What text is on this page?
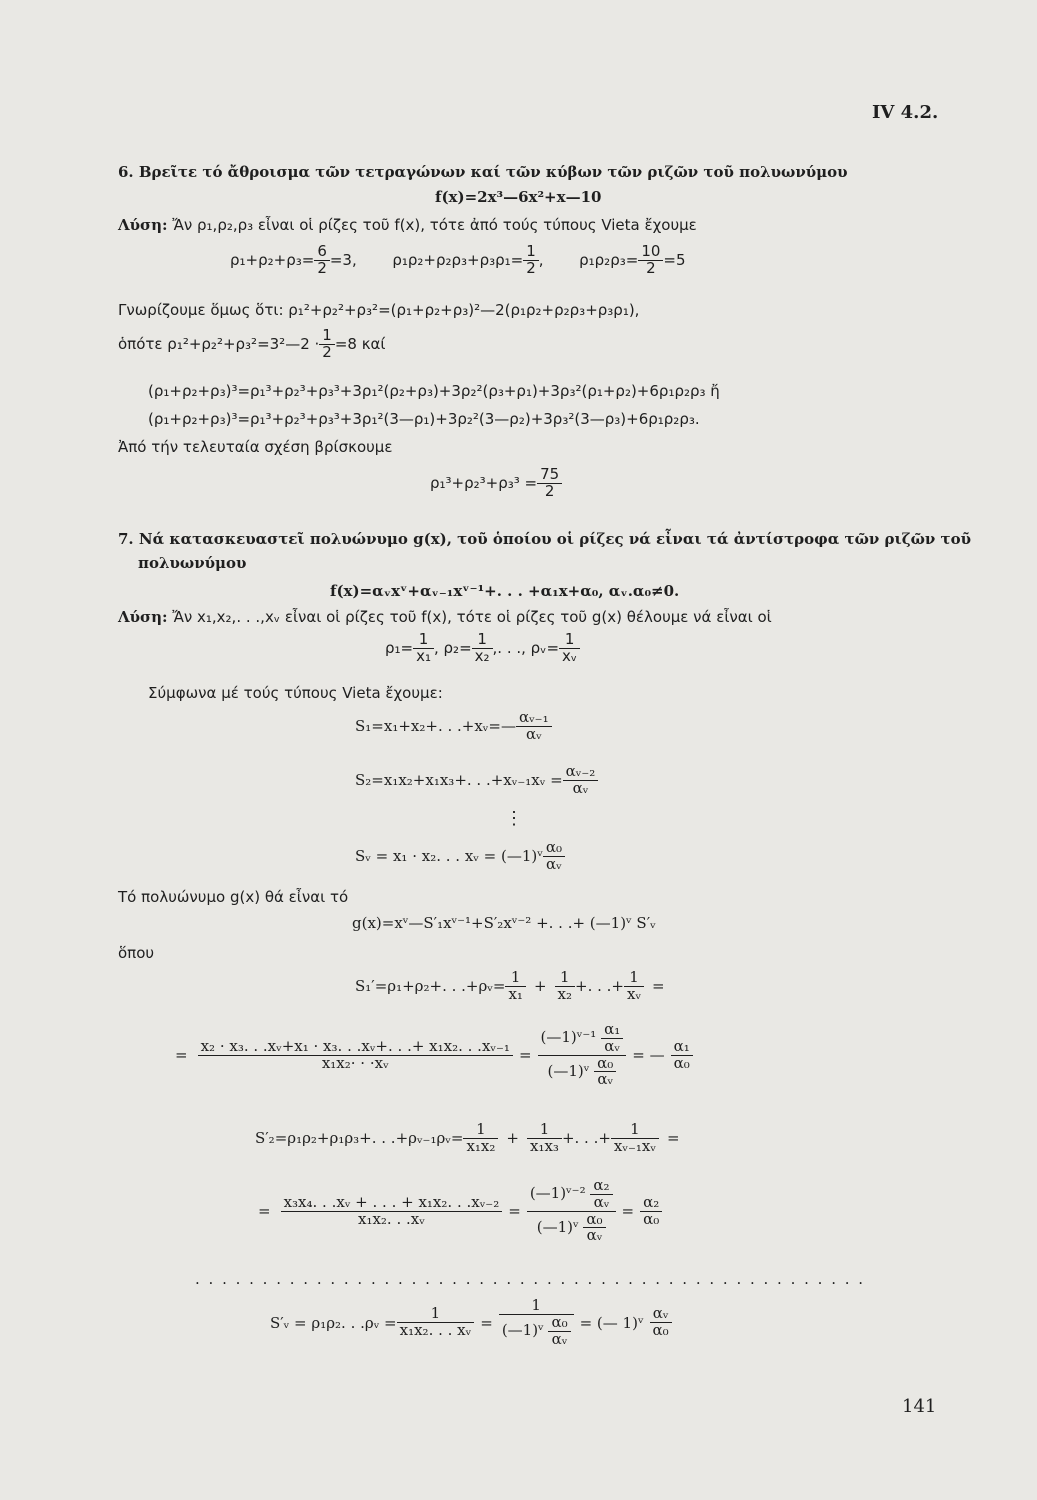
IV 4.2.
6. Βρεῖτε τό ἄθροισμα τῶν τετραγώνων καί τῶν κύβων τῶν ριζῶν τοῦ πολυωνύμου
f(x)=2x³—6x²+x—10
Λύση: Ἄν ρ₁,ρ₂,ρ₃ εἶναι οἱ ρίζες τοῦ f(x), τότε ἀπό τούς τύπους Vieta ἔχουμε
$\rho_1+\rho_2+\rho_3= \frac{6}{2} =3$, $\rho_1\rho_2+\rho_2\rho_3+\rho_3\rho_1= \frac{1}{2}$ , $\rho_1\rho_2\rho_3= \frac{10}{2} =5$
Γνωρίζουμε ὅμως ὅτι: ρ₁²+ρ₂²+ρ₃²=(ρ₁+ρ₂+ρ₃)²—2(ρ₁ρ₂+ρ₂ρ₃+ρ₃ρ₁),
ὁπότε ρ₁²+ρ₂²+ρ₃²=3²—2 · $\frac{1}{2} =8$ καί
(ρ₁+ρ₂+ρ₃)³=ρ₁³+ρ₂³+ρ₃³+3ρ₁²(ρ₂+ρ₃)+3ρ₂²(ρ₃+ρ₁)+3ρ₃²(ρ₁+ρ₂)+6ρ₁ρ₂ρ₃ ἤ
(ρ₁+ρ₂+ρ₃)³=ρ₁³+ρ₂³+ρ₃³+3ρ₁²(3—ρ₁)+3ρ₂²(3—ρ₂)+3ρ₃²(3—ρ₃)+6ρ₁ρ₂ρ₃.
Ἀπό τήν τελευταία σχέση βρίσκουμε
$\rho_1^3+\rho_2^3+\rho_3^3 = \frac{75}{2}$
7. Νά κατασκευαστεῖ πολυώνυμο g(x), τοῦ ὁποίου οἱ ρίζες νά εἶναι τά ἀντίστροφα τῶν ριζῶν τοῦ
πολυωνύμου
f(x)=αᵥxᵛ+αᵥ₋₁xᵛ⁻¹+. . . +α₁x+α₀, αᵥ.α₀≠0.
Λύση: Ἄν x₁,x₂,. . .,xᵥ εἶναι οἱ ρίζες τοῦ f(x), τότε οἱ ρίζες τοῦ g(x) θέλουμε νά εἶναι οἱ
$\rho_1= \frac{1}{\text{x₁}}$ , $\rho_2= \frac{1}{\text{x₂}}$ ,. . ., ρᵥ= $\frac{1}{\text{xᵥ}}$
Σύμφωνα μέ τούς τύπους Vieta ἔχουμε:
S₁=x₁+x₂+. . .+xᵥ=— $\frac{\text{αᵥ₋₁}}{\text{αᵥ}}$
S₂=x₁x₂+x₁x₃+. . .+xᵥ₋₁xᵥ = $\frac{\text{αᵥ₋₂}}{\text{αᵥ}}$
⋮
Sᵥ = x₁ · x₂. . . xᵥ = (—1)ᵛ $\frac{\text{α₀}}{\text{αᵥ}}$
Τό πολυώνυμο g(x) θά εἶναι τό
g(x)=xᵛ—S′₁xᵛ⁻¹+S′₂xᵛ⁻² +. . .+ (—1)ᵛ S′ᵥ
ὅπου
S₁′=ρ₁+ρ₂+. . .+ρᵥ= $\frac{1}{\text{x₁}} + \frac{1}{\text{x₂}}$ +. . .+ $\frac{1}{\text{xᵥ}}$ =
= $\frac{\text{x₂ · x₃. . .xᵥ+x₁ · x₃. . .xᵥ+. . .+ x₁x₂. . .xᵥ₋₁}}{\text{x₁x₂· · ·xᵥ}} = \frac{(—1)ᵛ^{-1} \frac{\text{α₁}}{\text{αᵥ}}}{(—1)ᵛ \frac{\text{α₀}}{\text{αᵥ}}}$ = — $\frac{\text{α₁}}{\text{α₀}}$
S′₂=ρ₁ρ₂+ρ₁ρ₃+. . .+ρᵥ₋₁ρᵥ= $\frac{1}{\text{x₁x₂}} + \frac{1}{\text{x₁x₃}}$ +. . .+ $\frac{1}{\text{xᵥ₋₁xᵥ}}$ =
= $\frac{\text{x₃x₄. . .xᵥ + . . . + x₁x₂. . .xᵥ₋₂}}{\text{x₁x₂. . .xᵥ}} = \frac{(—1)ᵛ^{-2} \frac{\text{α₂}}{\text{αᵥ}}}{(—1)ᵛ \frac{\text{α₀}}{\text{αᵥ}}} = \frac{\text{α₂}}{\text{α₀}}$
. . . . . . . . . . . . . . . . . . . . . . . . . . . . . . . . . . . . . . . . . . . . . . . . . .
S′ᵥ = ρ₁ρ₂. . .ρᵥ = $\frac{1}{\text{x₁x₂. . . xᵥ}} = \frac{1}{(—1)ᵛ \frac{\text{α₀}}{\text{αᵥ}}}$ = (— 1)ᵛ $\frac{\text{αᵥ}}{\text{α₀}}$
141
